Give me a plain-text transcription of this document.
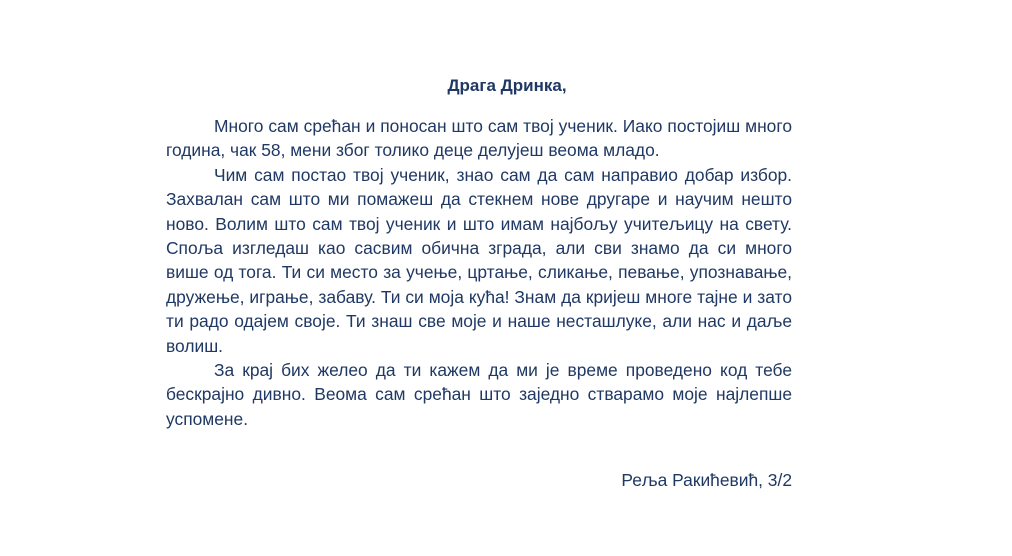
Драга Дринка,

Много сам срећан и поносан што сам твој ученик. Иако постојиш много година, чак 58, мени због толико деце делујеш веома младо.

Чим сам постао твој ученик, знао сам да сам направио добар избор. Захвалан сам што ми помажеш да стекнем нове другаре и научим нешто ново. Волим што сам твој ученик и што имам најбољу учитељицу на свету. Споља изгледаш као сасвим обична зграда, али сви знамо да си много више од тога. Ти си место за учење, цртање, сликање, певање, упознавање, дружење, играње, забаву. Ти си моја кућа! Знам да кријеш многе тајне и зато ти радо одајем своје. Ти знаш све моје и наше несташлуке, али нас и даље волиш.

За крај бих желео да ти кажем да ми је време проведено код тебе бескрајно дивно. Веома сам срећан што заједно стварамо моје најлепше успомене.

Реља Ракићевић, 3/2
